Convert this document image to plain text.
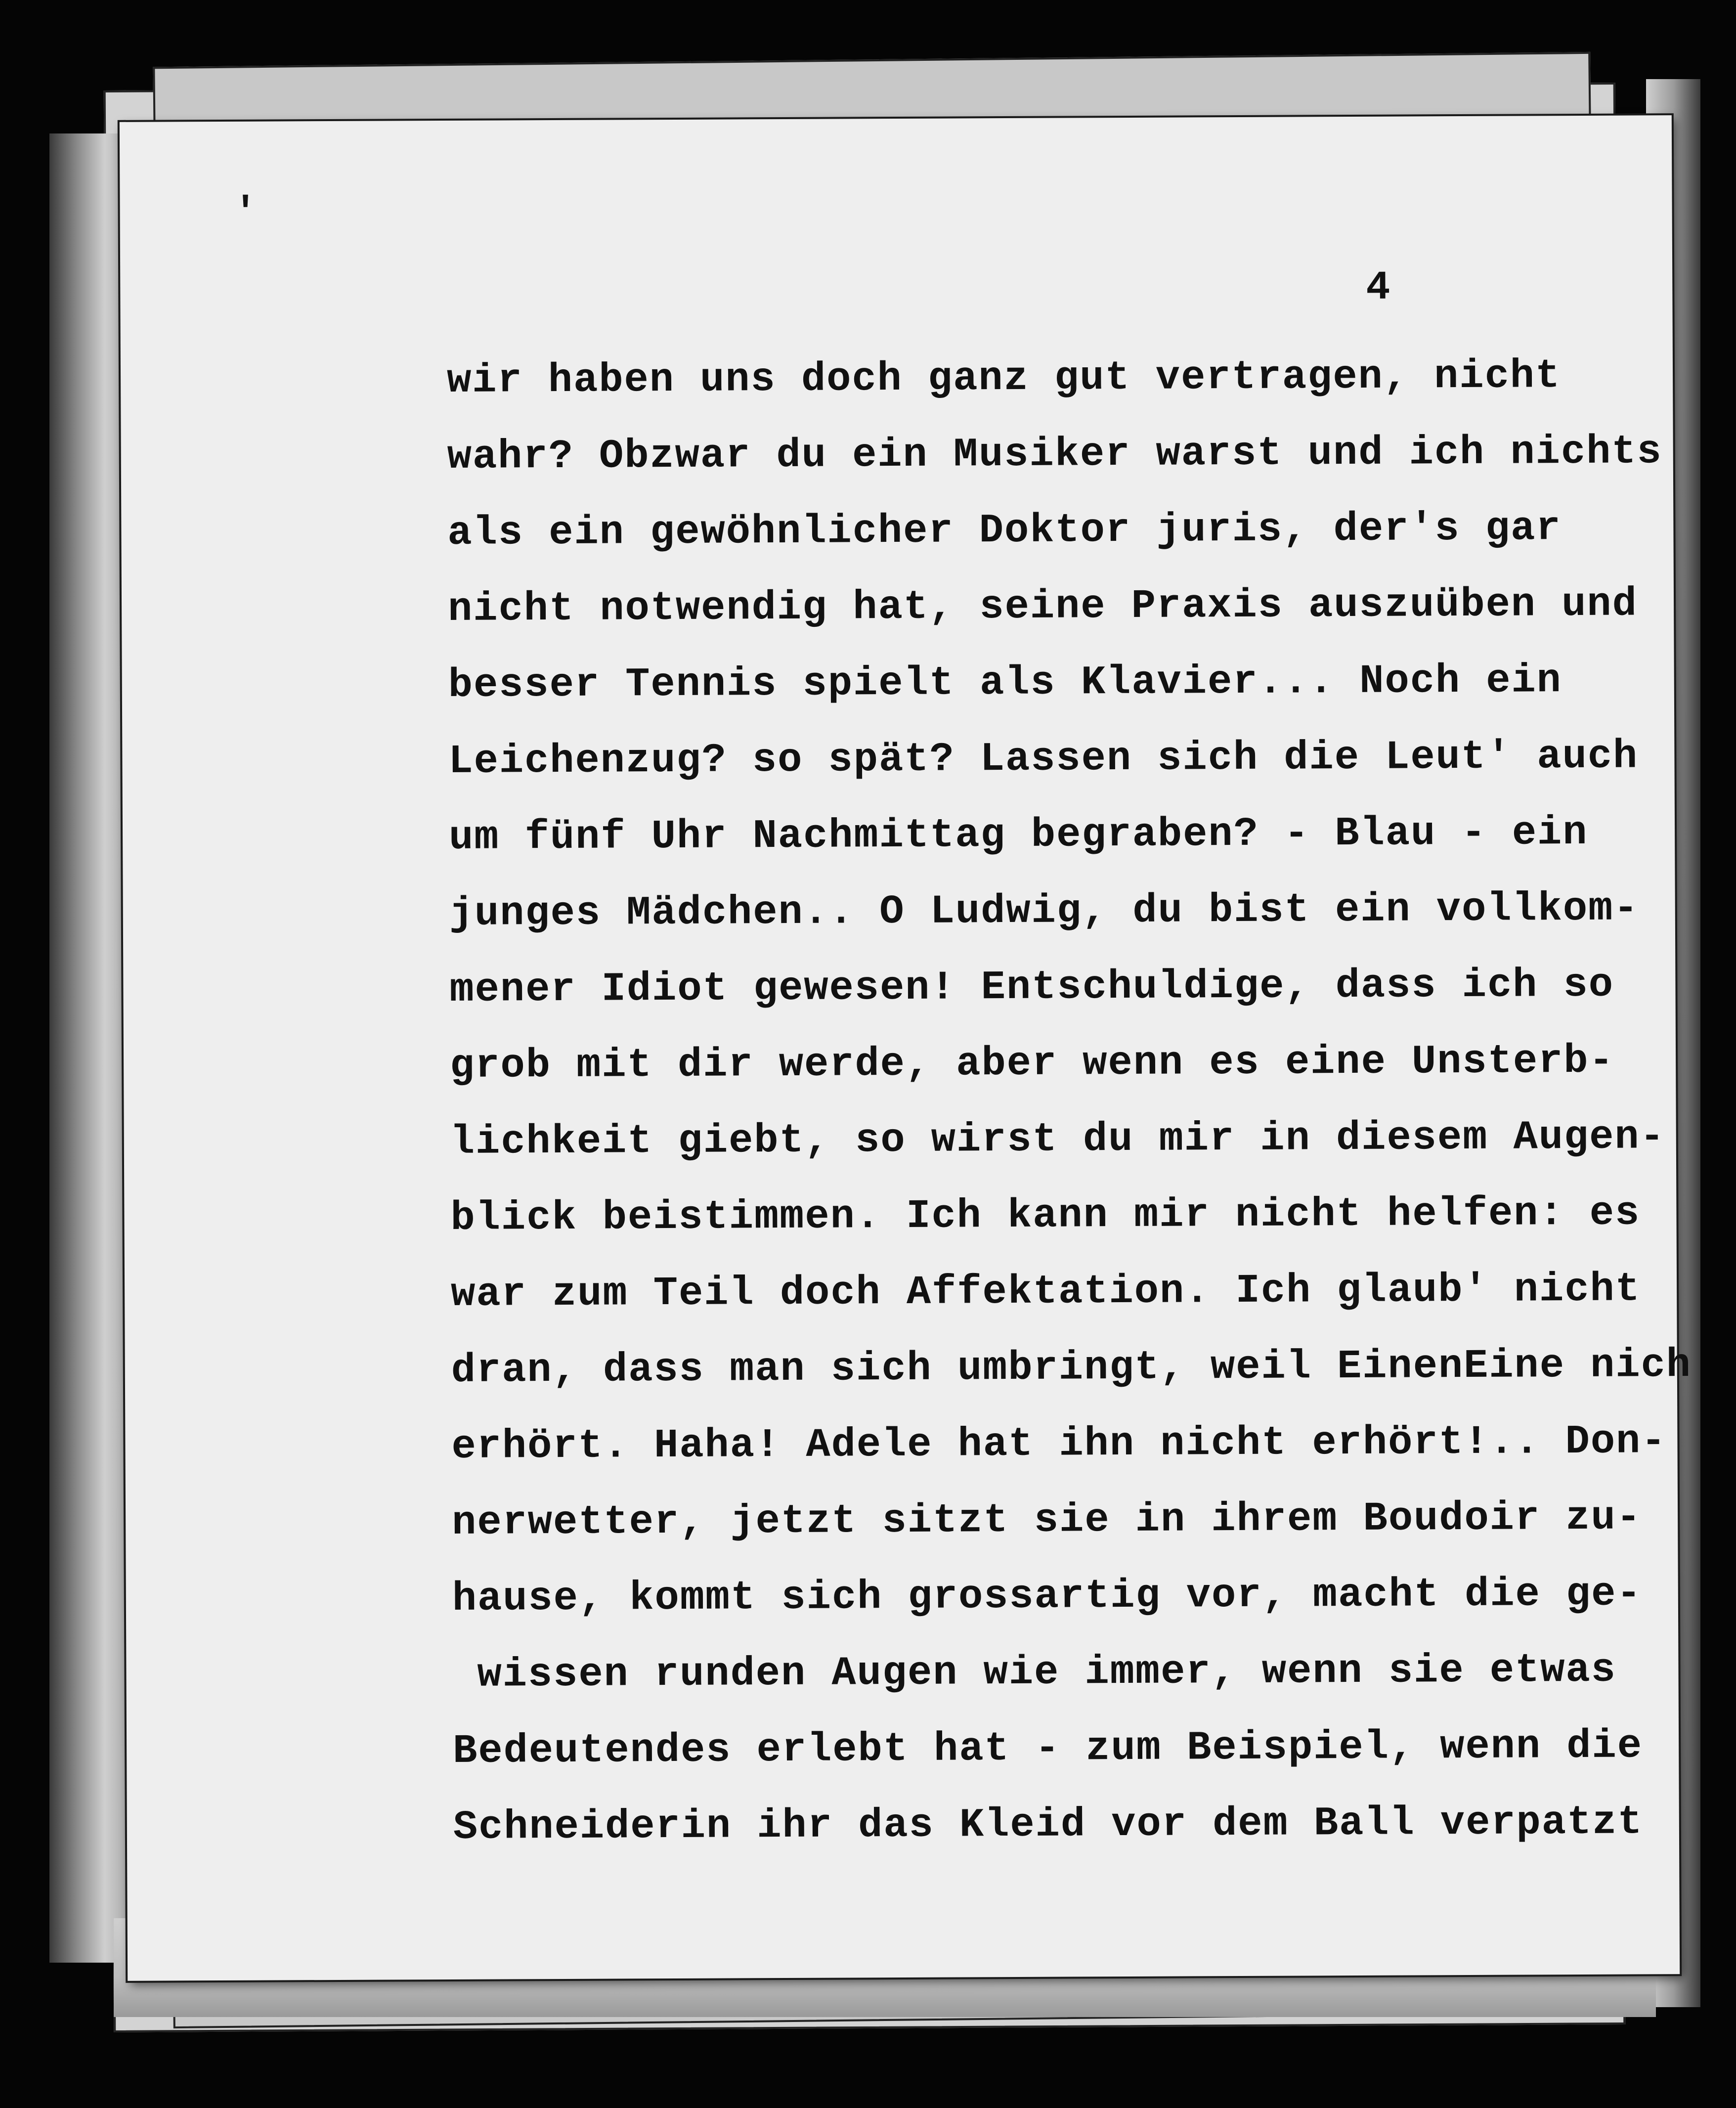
'
4
wir haben uns doch ganz gut vertragen, nicht
wahr? Obzwar du ein Musiker warst und ich nichts
als ein gewöhnlicher Doktor juris, der's gar
nicht notwendig hat, seine Praxis auszuüben und
besser Tennis spielt als Klavier... Noch ein
Leichenzug? so spät? Lassen sich die Leut' auch
um fünf Uhr Nachmittag begraben? - Blau - ein
junges Mädchen.. O Ludwig, du bist ein vollkom-
mener Idiot gewesen! Entschuldige, dass ich so
grob mit dir werde, aber wenn es eine Unsterb-
lichkeit giebt, so wirst du mir in diesem Augen-
blick beistimmen. Ich kann mir nicht helfen: es
war zum Teil doch Affektation. Ich glaub' nicht
dran, dass man sich umbringt, weil EinenEine nich
erhört. Haha! Adele hat ihn nicht erhört!.. Don-
nerwetter, jetzt sitzt sie in ihrem Boudoir zu-
hause, kommt sich grossartig vor, macht die ge-
wissen runden Augen wie immer, wenn sie etwas
Bedeutendes erlebt hat - zum Beispiel, wenn die
Schneiderin ihr das Kleid vor dem Ball verpatzt
